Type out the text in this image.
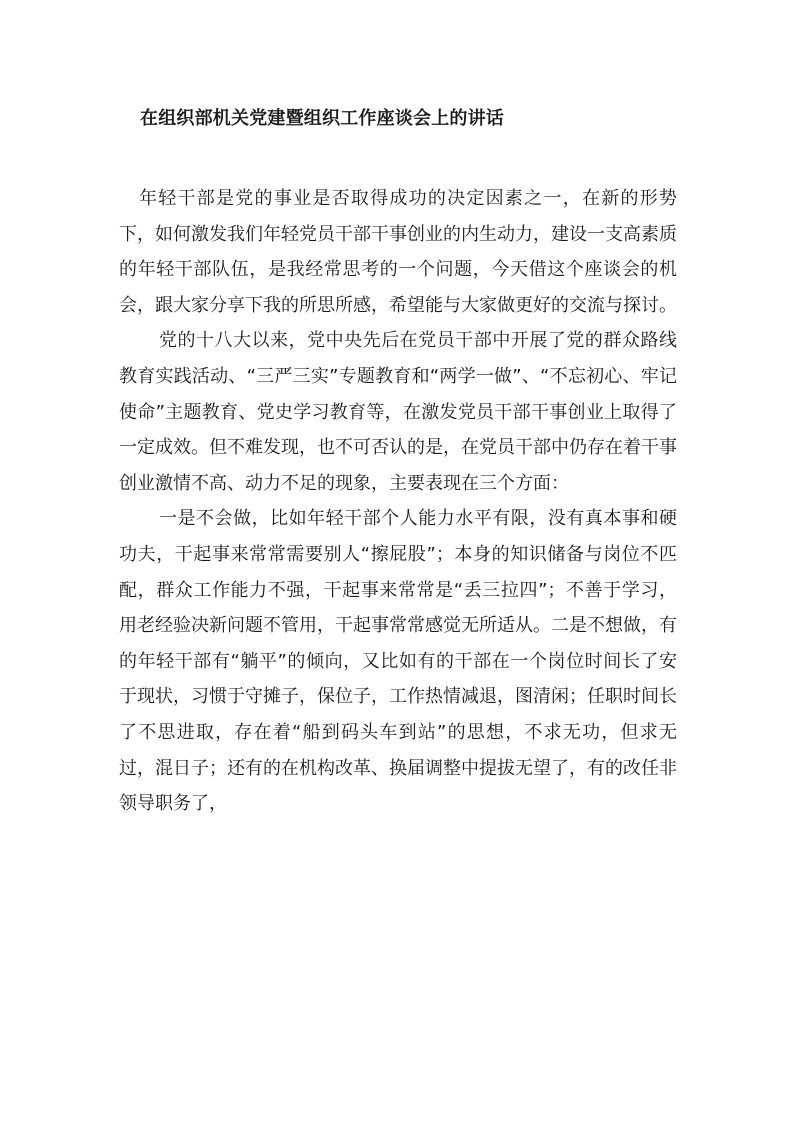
在组织部机关党建暨组织工作座谈会上的讲话

年轻干部是党的事业是否取得成功的决定因素之一，在新的形势下，如何激发我们年轻党员干部干事创业的内生动力，建设一支高素质的年轻干部队伍，是我经常思考的一个问题，今天借这个座谈会的机会，跟大家分享下我的所思所感，希望能与大家做更好的交流与探讨。

党的十八大以来，党中央先后在党员干部中开展了党的群众路线教育实践活动、“三严三实”专题教育和“两学一做”、“不忘初心、牢记使命”主题教育、党史学习教育等，在激发党员干部干事创业上取得了一定成效。但不难发现，也不可否认的是，在党员干部中仍存在着干事创业激情不高、动力不足的现象，主要表现在三个方面：

一是不会做，比如年轻干部个人能力水平有限，没有真本事和硬功夫，干起事来常常需要别人“擦屁股”；本身的知识储备与岗位不匹配，群众工作能力不强，干起事来常常是“丢三拉四”；不善于学习，用老经验决新问题不管用，干起事常常感觉无所适从。二是不想做，有的年轻干部有“躺平”的倾向，又比如有的干部在一个岗位时间长了安于现状，习惯于守摊子，保位子，工作热情减退，图清闲；任职时间长了不思进取，存在着“船到码头车到站”的思想，不求无功，但求无过，混日子；还有的在机构改革、换届调整中提拔无望了，有的改任非领导职务了，
